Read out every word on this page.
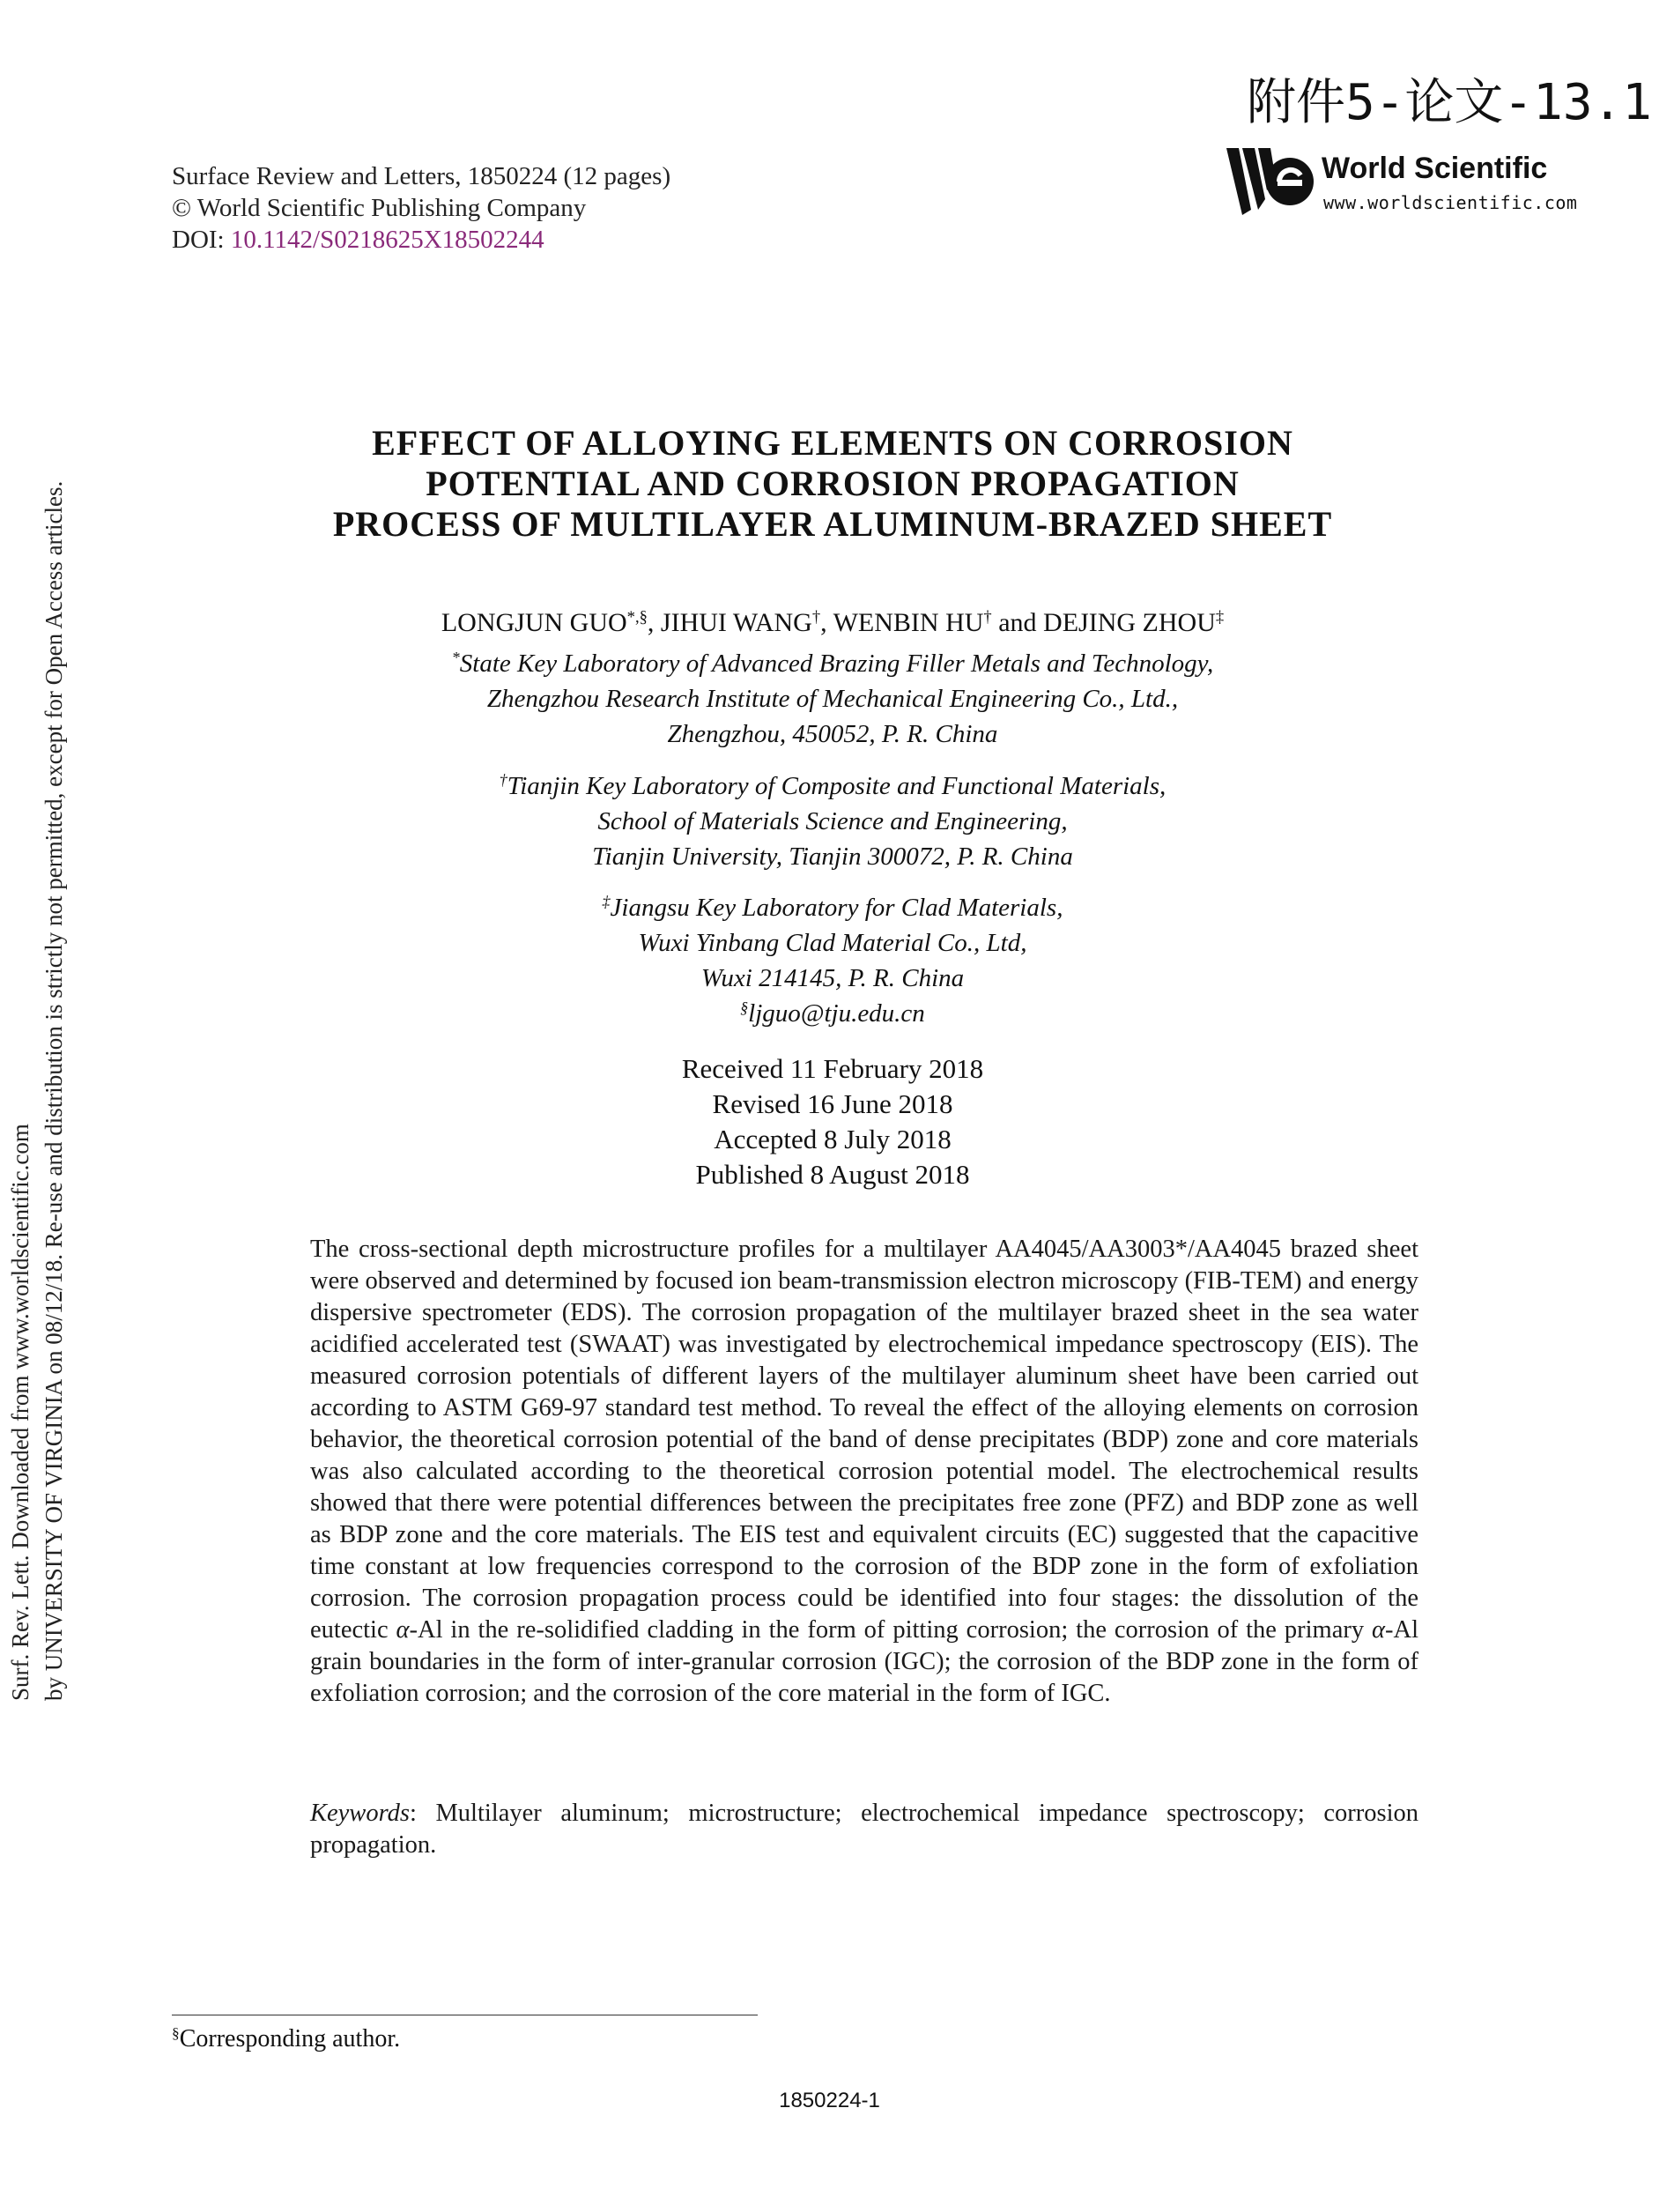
附件5-论文-13.1
Surface Review and Letters, 1850224 (12 pages)
© World Scientific Publishing Company
DOI: 10.1142/S0218625X18502244
World Scientific
www.worldscientific.com
Surf. Rev. Lett. Downloaded from www.worldscientific.com by UNIVERSITY OF VIRGINIA on 08/12/18. Re-use and distribution is strictly not permitted, except for Open Access articles.
EFFECT OF ALLOYING ELEMENTS ON CORROSION
POTENTIAL AND CORROSION PROPAGATION
PROCESS OF MULTILAYER ALUMINUM-BRAZED SHEET
LONGJUN GUO*,§, JIHUI WANG†, WENBIN HU† and DEJING ZHOU‡
*State Key Laboratory of Advanced Brazing Filler Metals and Technology,
Zhengzhou Research Institute of Mechanical Engineering Co., Ltd.,
Zhengzhou, 450052, P. R. China
†Tianjin Key Laboratory of Composite and Functional Materials,
School of Materials Science and Engineering,
Tianjin University, Tianjin 300072, P. R. China
‡Jiangsu Key Laboratory for Clad Materials,
Wuxi Yinbang Clad Material Co., Ltd,
Wuxi 214145, P. R. China
§ljguo@tju.edu.cn
Received 11 February 2018
Revised 16 June 2018
Accepted 8 July 2018
Published 8 August 2018
The cross-sectional depth microstructure profiles for a multilayer AA4045/AA3003*/AA4045 brazed sheet were observed and determined by focused ion beam-transmission electron microscopy (FIB-TEM) and energy dispersive spectrometer (EDS). The corrosion propagation of the multilayer brazed sheet in the sea water acidified accelerated test (SWAAT) was investigated by electrochemical impedance spectroscopy (EIS). The measured corrosion potentials of different layers of the multilayer aluminum sheet have been carried out according to ASTM G69-97 standard test method. To reveal the effect of the alloying elements on corrosion behavior, the theoretical corrosion potential of the band of dense precipitates (BDP) zone and core materials was also calculated according to the theoretical corrosion potential model. The electrochemical results showed that there were potential differences between the precipitates free zone (PFZ) and BDP zone as well as BDP zone and the core materials. The EIS test and equivalent circuits (EC) suggested that the capacitive time constant at low frequencies correspond to the corrosion of the BDP zone in the form of exfoliation corrosion. The corrosion propagation process could be identified into four stages: the dissolution of the eutectic α-Al in the re-solidified cladding in the form of pitting corrosion; the corrosion of the primary α-Al grain boundaries in the form of inter-granular corrosion (IGC); the corrosion of the BDP zone in the form of exfoliation corrosion; and the corrosion of the core material in the form of IGC.
Keywords: Multilayer aluminum; microstructure; electrochemical impedance spectroscopy; corrosion propagation.
§Corresponding author.
1850224-1
